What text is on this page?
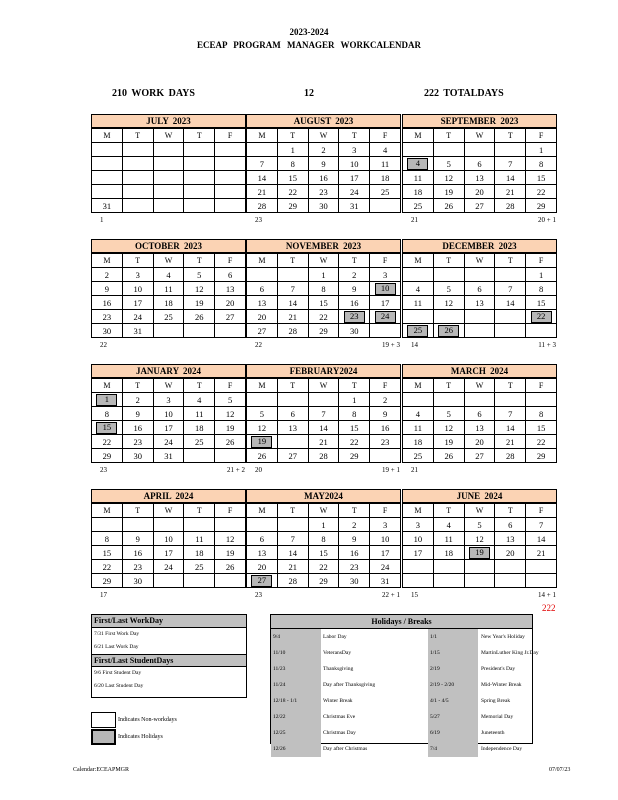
2023-2024
ECEAP PROGRAM MANAGER WORKCALENDAR
210 WORK DAYS	12	222 TOTALDAYS
JULY 2023
M	T	W	T	F

31				
1
AUGUST 2023
M	T	W	T	F
	1	2	3	4
7	8	9	10	11
14	15	16	17	18
21	22	23	24	25
28	29	30	31	
23
SEPTEMBER 2023
M	T	W	T	F
				1
4	5	6	7	8
11	12	13	14	15
18	19	20	21	22
25	26	27	28	29
21	20 + 1
OCTOBER 2023
M	T	W	T	F
2	3	4	5	6
9	10	11	12	13
16	17	18	19	20
23	24	25	26	27
30	31			
22
NOVEMBER 2023
M	T	W	T	F
		1	2	3
6	7	8	9	10
13	14	15	16	17
20	21	22	23	24
27	28	29	30	
22	19 + 3
DECEMBER 2023
M	T	W	T	F
				1
4	5	6	7	8
11	12	13	14	15
				22
25	26			
14	11 + 3
JANUARY 2024
M	T	W	T	F
1	2	3	4	5
8	9	10	11	12
15	16	17	18	19
22	23	24	25	26
29	30	31		
23	21 + 2
FEBRUARY2024
M	T	W	T	F
			1	2
5	6	7	8	9
12	13	14	15	16
19		21	22	23
26	27	28	29	
20	19 + 1
MARCH 2024
M	T	W	T	F

4	5	6	7	8
11	12	13	14	15
18	19	20	21	22
25	26	27	28	29
21
APRIL 2024
M	T	W	T	F

8	9	10	11	12
15	16	17	18	19
22	23	24	25	26
29	30			
17
MAY2024
M	T	W	T	F
		1	2	3
6	7	8	9	10
13	14	15	16	17
20	21	22	23	24
27	28	29	30	31
23	22 + 1
JUNE 2024
M	T	W	T	F
3	4	5	6	7
10	11	12	13	14
17	18	19	20	21

15	14 + 1
222
First/Last WorkDay
7/31 First Work Day
6/21 Last Work Day
First/Last StudentDays
9/6 First Student Day
6/20 Last Student Day
Indicates Non-workdays
Indicates Holidays
Holidays / Breaks
9/4	Labor Day	1/1	New Year's Holiday
11/10	VeteransDay	1/15	MartinLuther King Jr.Day
11/23	Thanksgiving	2/19	President's Day
11/24	Day after Thanksgiving	2/19 - 2/20	Mid-Winter Break
12/18 - 1/1	Winter Break	4/1 - 4/5	Spring Break
12/22	Christmas Eve	5/27	Memorial Day
12/25	Christmas Day	6/19	Juneteenth
12/26	Day after Christmas	7/4	Independence Day
Calendar:ECEAPMGR	07/07/23
